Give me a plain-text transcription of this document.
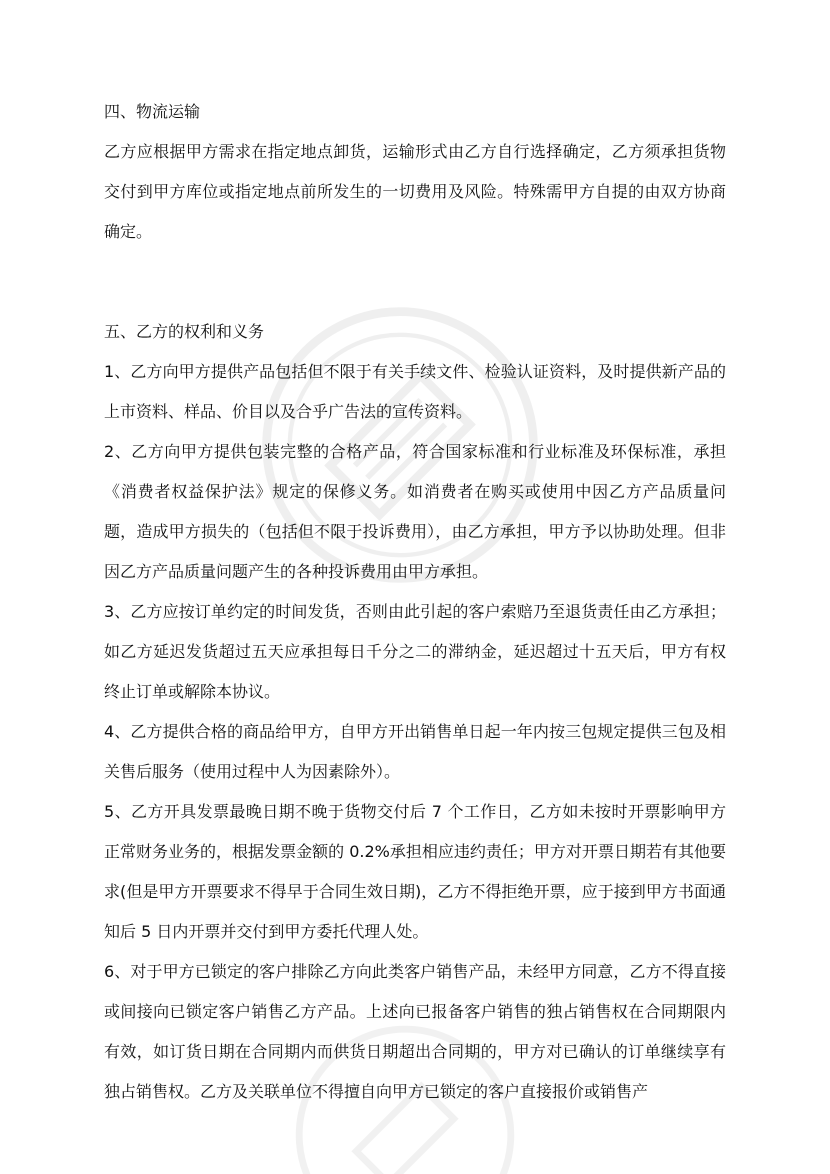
四、物流运输

乙方应根据甲方需求在指定地点卸货，运输形式由乙方自行选择确定，乙方须承担货物交付到甲方库位或指定地点前所发生的一切费用及风险。特殊需甲方自提的由双方协商确定。

五、乙方的权利和义务

1、乙方向甲方提供产品包括但不限于有关手续文件、检验认证资料，及时提供新产品的上市资料、样品、价目以及合乎广告法的宣传资料。

2、乙方向甲方提供包装完整的合格产品，符合国家标准和行业标准及环保标准，承担《消费者权益保护法》规定的保修义务。如消费者在购买或使用中因乙方产品质量问题，造成甲方损失的（包括但不限于投诉费用），由乙方承担，甲方予以协助处理。但非因乙方产品质量问题产生的各种投诉费用由甲方承担。

3、乙方应按订单约定的时间发货，否则由此引起的客户索赔乃至退货责任由乙方承担；如乙方延迟发货超过五天应承担每日千分之二的滞纳金，延迟超过十五天后，甲方有权终止订单或解除本协议。

4、乙方提供合格的商品给甲方，自甲方开出销售单日起一年内按三包规定提供三包及相关售后服务（使用过程中人为因素除外）。

5、乙方开具发票最晚日期不晚于货物交付后 7 个工作日，乙方如未按时开票影响甲方正常财务业务的，根据发票金额的 0.2%承担相应违约责任；甲方对开票日期若有其他要求(但是甲方开票要求不得早于合同生效日期)，乙方不得拒绝开票，应于接到甲方书面通知后 5 日内开票并交付到甲方委托代理人处。

6、对于甲方已锁定的客户排除乙方向此类客户销售产品，未经甲方同意，乙方不得直接或间接向已锁定客户销售乙方产品。上述向已报备客户销售的独占销售权在合同期限内有效，如订货日期在合同期内而供货日期超出合同期的，甲方对已确认的订单继续享有独占销售权。乙方及关联单位不得擅自向甲方已锁定的客户直接报价或销售产
